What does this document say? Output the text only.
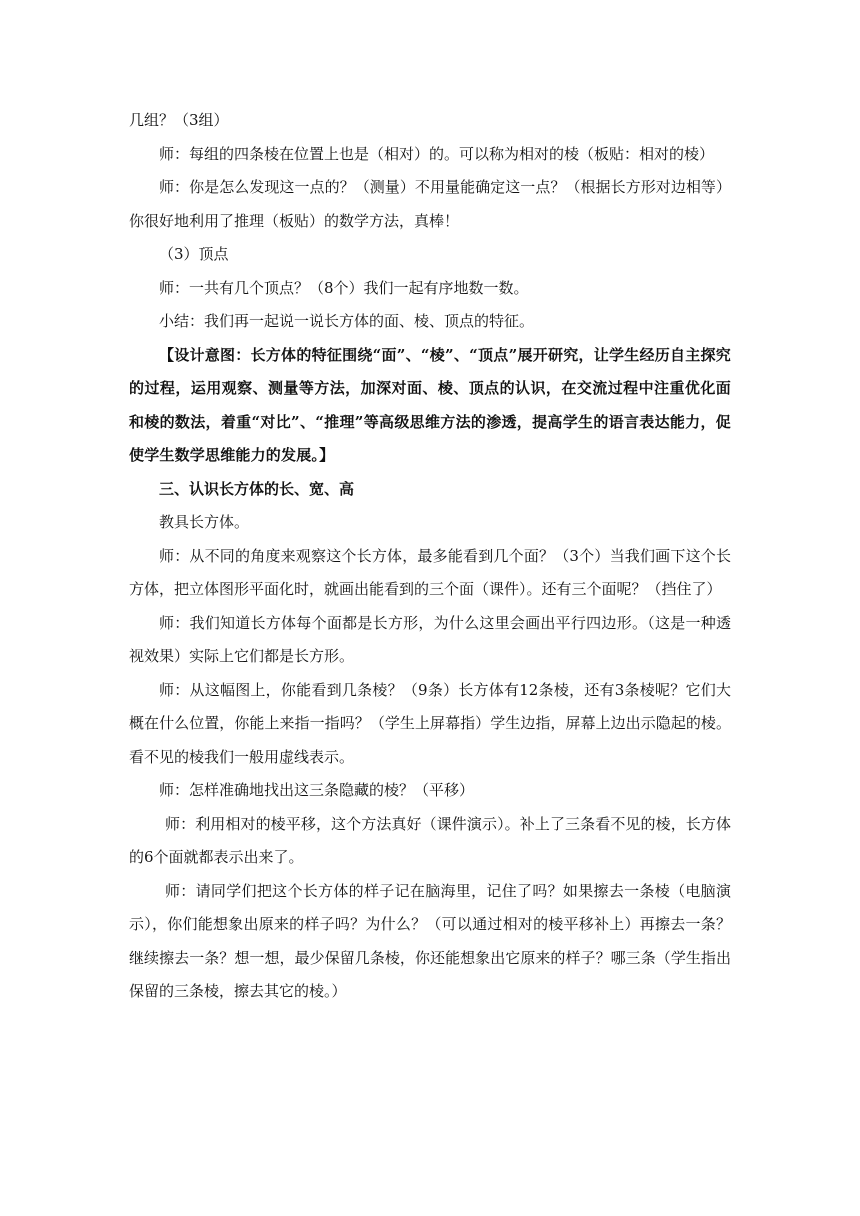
几组？（3组）

师：每组的四条棱在位置上也是（相对）的。可以称为相对的棱（板贴：相对的棱）

师：你是怎么发现这一点的？（测量）不用量能确定这一点？（根据长方形对边相等）你很好地利用了推理（板贴）的数学方法，真棒！

（3）顶点

师：一共有几个顶点？（8个）我们一起有序地数一数。

小结：我们再一起说一说长方体的面、棱、顶点的特征。

【设计意图：长方体的特征围绕“面”、“棱”、“顶点”展开研究，让学生经历自主探究的过程，运用观察、测量等方法，加深对面、棱、顶点的认识，在交流过程中注重优化面和棱的数法，着重“对比”、“推理”等高级思维方法的渗透，提高学生的语言表达能力，促使学生数学思维能力的发展。】

三、认识长方体的长、宽、高

教具长方体。

师：从不同的角度来观察这个长方体，最多能看到几个面？（3个）当我们画下这个长方体，把立体图形平面化时，就画出能看到的三个面（课件）。还有三个面呢？（挡住了）

师：我们知道长方体每个面都是长方形，为什么这里会画出平行四边形。（这是一种透视效果）实际上它们都是长方形。

师：从这幅图上，你能看到几条棱？（9条）长方体有12条棱，还有3条棱呢？它们大概在什么位置，你能上来指一指吗？（学生上屏幕指）学生边指，屏幕上边出示隐起的棱。看不见的棱我们一般用虚线表示。

师：怎样准确地找出这三条隐藏的棱？（平移）

师：利用相对的棱平移，这个方法真好（课件演示）。补上了三条看不见的棱，长方体的6个面就都表示出来了。

师：请同学们把这个长方体的样子记在脑海里，记住了吗？如果擦去一条棱（电脑演示），你们能想象出原来的样子吗？为什么？（可以通过相对的棱平移补上）再擦去一条？继续擦去一条？想一想，最少保留几条棱，你还能想象出它原来的样子？哪三条（学生指出保留的三条棱，擦去其它的棱。）
